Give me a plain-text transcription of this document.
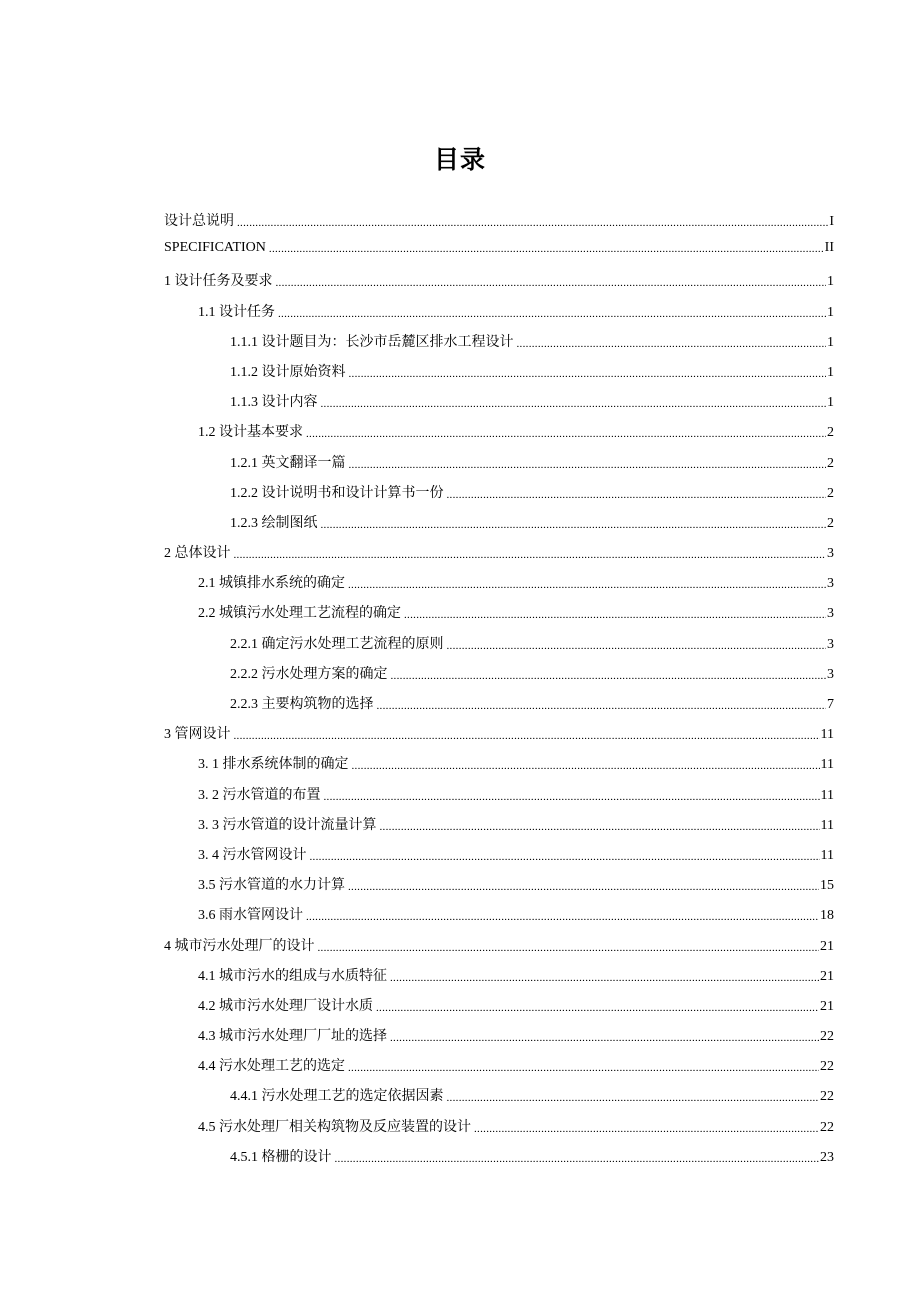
目录
设计总说明 .....	I
SPECIFICATION .....	II
1 设计任务及要求 .....	1
1.1 设计任务 .....	1
1.1.1 设计题目为：长沙市岳麓区排水工程设计 .....	1
1.1.2 设计原始资料 .....	1
1.1.3 设计内容 .....	1
1.2 设计基本要求 .....	2
1.2.1 英文翻译一篇 .....	2
1.2.2 设计说明书和设计计算书一份 .....	2
1.2.3 绘制图纸 .....	2
2 总体设计 .....	3
2.1 城镇排水系统的确定 .....	3
2.2 城镇污水处理工艺流程的确定 .....	3
2.2.1 确定污水处理工艺流程的原则 .....	3
2.2.2 污水处理方案的确定 .....	3
2.2.3 主要构筑物的选择 .....	7
3 管网设计 .....	11
3. 1 排水系统体制的确定 .....	11
3. 2 污水管道的布置 .....	11
3. 3 污水管道的设计流量计算 .....	11
3. 4 污水管网设计 .....	11
3.5 污水管道的水力计算 .....	15
3.6 雨水管网设计 .....	18
4 城市污水处理厂的设计 .....	21
4.1 城市污水的组成与水质特征 .....	21
4.2 城市污水处理厂设计水质 .....	21
4.3 城市污水处理厂厂址的选择 .....	22
4.4 污水处理工艺的选定 .....	22
4.4.1 污水处理工艺的选定依据因素 .....	22
4.5 污水处理厂相关构筑物及反应装置的设计 .....	22
4.5.1 格栅的设计 .....	23
